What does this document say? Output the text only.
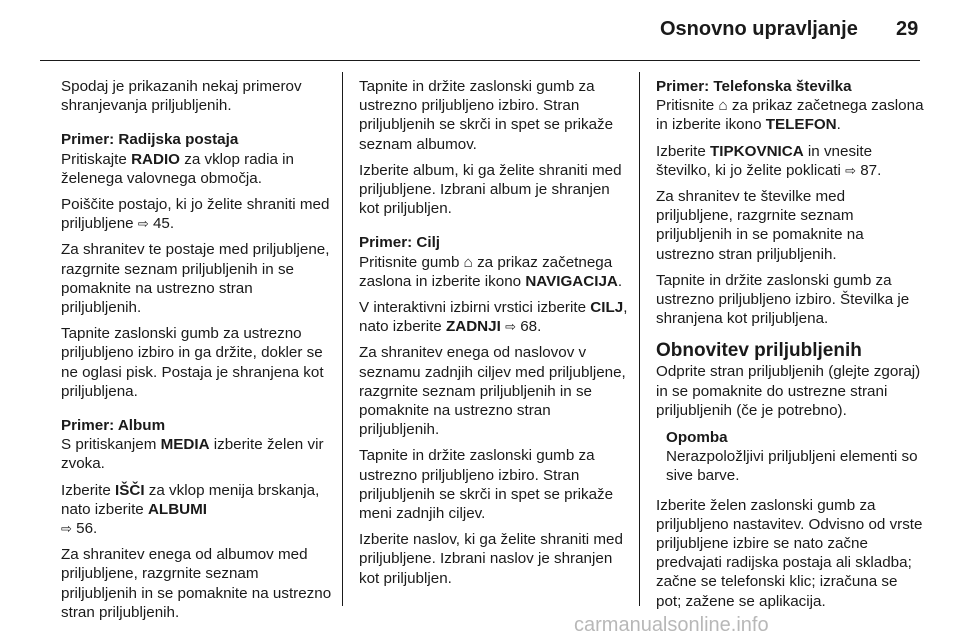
Osnovno upravljanje 29

Spodaj je prikazanih nekaj primerov shranjevanja priljubljenih.

Primer: Radijska postaja

Pritiskajte RADIO za vklop radia in želenega valovnega območja.

Poiščite postajo, ki jo želite shraniti med priljubljene ⇨ 45.

Za shranitev te postaje med priljubljene, razgrnite seznam priljubljenih in se pomaknite na ustrezno stran priljubljenih.

Tapnite zaslonski gumb za ustrezno priljubljeno izbiro in ga držite, dokler se ne oglasi pisk. Postaja je shranjena kot priljubljena.

Primer: Album

S pritiskanjem MEDIA izberite želen vir zvoka.

Izberite IŠČI za vklop menija brskanja, nato izberite ALBUMI
⇨ 56.

Za shranitev enega od albumov med priljubljene, razgrnite seznam priljubljenih in se pomaknite na ustrezno stran priljubljenih.

Tapnite in držite zaslonski gumb za ustrezno priljubljeno izbiro. Stran priljubljenih se skrči in spet se prikaže seznam albumov.

Izberite album, ki ga želite shraniti med priljubljene. Izbrani album je shranjen kot priljubljen.

Primer: Cilj

Pritisnite gumb ⌂ za prikaz začetnega zaslona in izberite ikono NAVIGACIJA.

V interaktivni izbirni vrstici izberite CILJ, nato izberite ZADNJI ⇨ 68.

Za shranitev enega od naslovov v seznamu zadnjih ciljev med priljubljene, razgrnite seznam priljubljenih in se pomaknite na ustrezno stran priljubljenih.

Tapnite in držite zaslonski gumb za ustrezno priljubljeno izbiro. Stran priljubljenih se skrči in spet se prikaže meni zadnjih ciljev.

Izberite naslov, ki ga želite shraniti med priljubljene. Izbrani naslov je shranjen kot priljubljen.

Primer: Telefonska številka

Pritisnite ⌂ za prikaz začetnega zaslona in izberite ikono TELEFON.

Izberite TIPKOVNICA in vnesite številko, ki jo želite poklicati ⇨ 87.

Za shranitev te številke med priljubljene, razgrnite seznam priljubljenih in se pomaknite na ustrezno stran priljubljenih.

Tapnite in držite zaslonski gumb za ustrezno priljubljeno izbiro. Številka je shranjena kot priljubljena.

Obnovitev priljubljenih

Odprite stran priljubljenih (glejte zgoraj) in se pomaknite do ustrezne strani priljubljenih (če je potrebno).

Opomba

Nerazpoložljivi priljubljeni elementi so sive barve.

Izberite želen zaslonski gumb za priljubljeno nastavitev. Odvisno od vrste priljubljene izbire se nato začne predvajati radijska postaja ali skladba; začne se telefonski klic; izračuna se pot; zažene se aplikacija.

carmanualsonline.info
